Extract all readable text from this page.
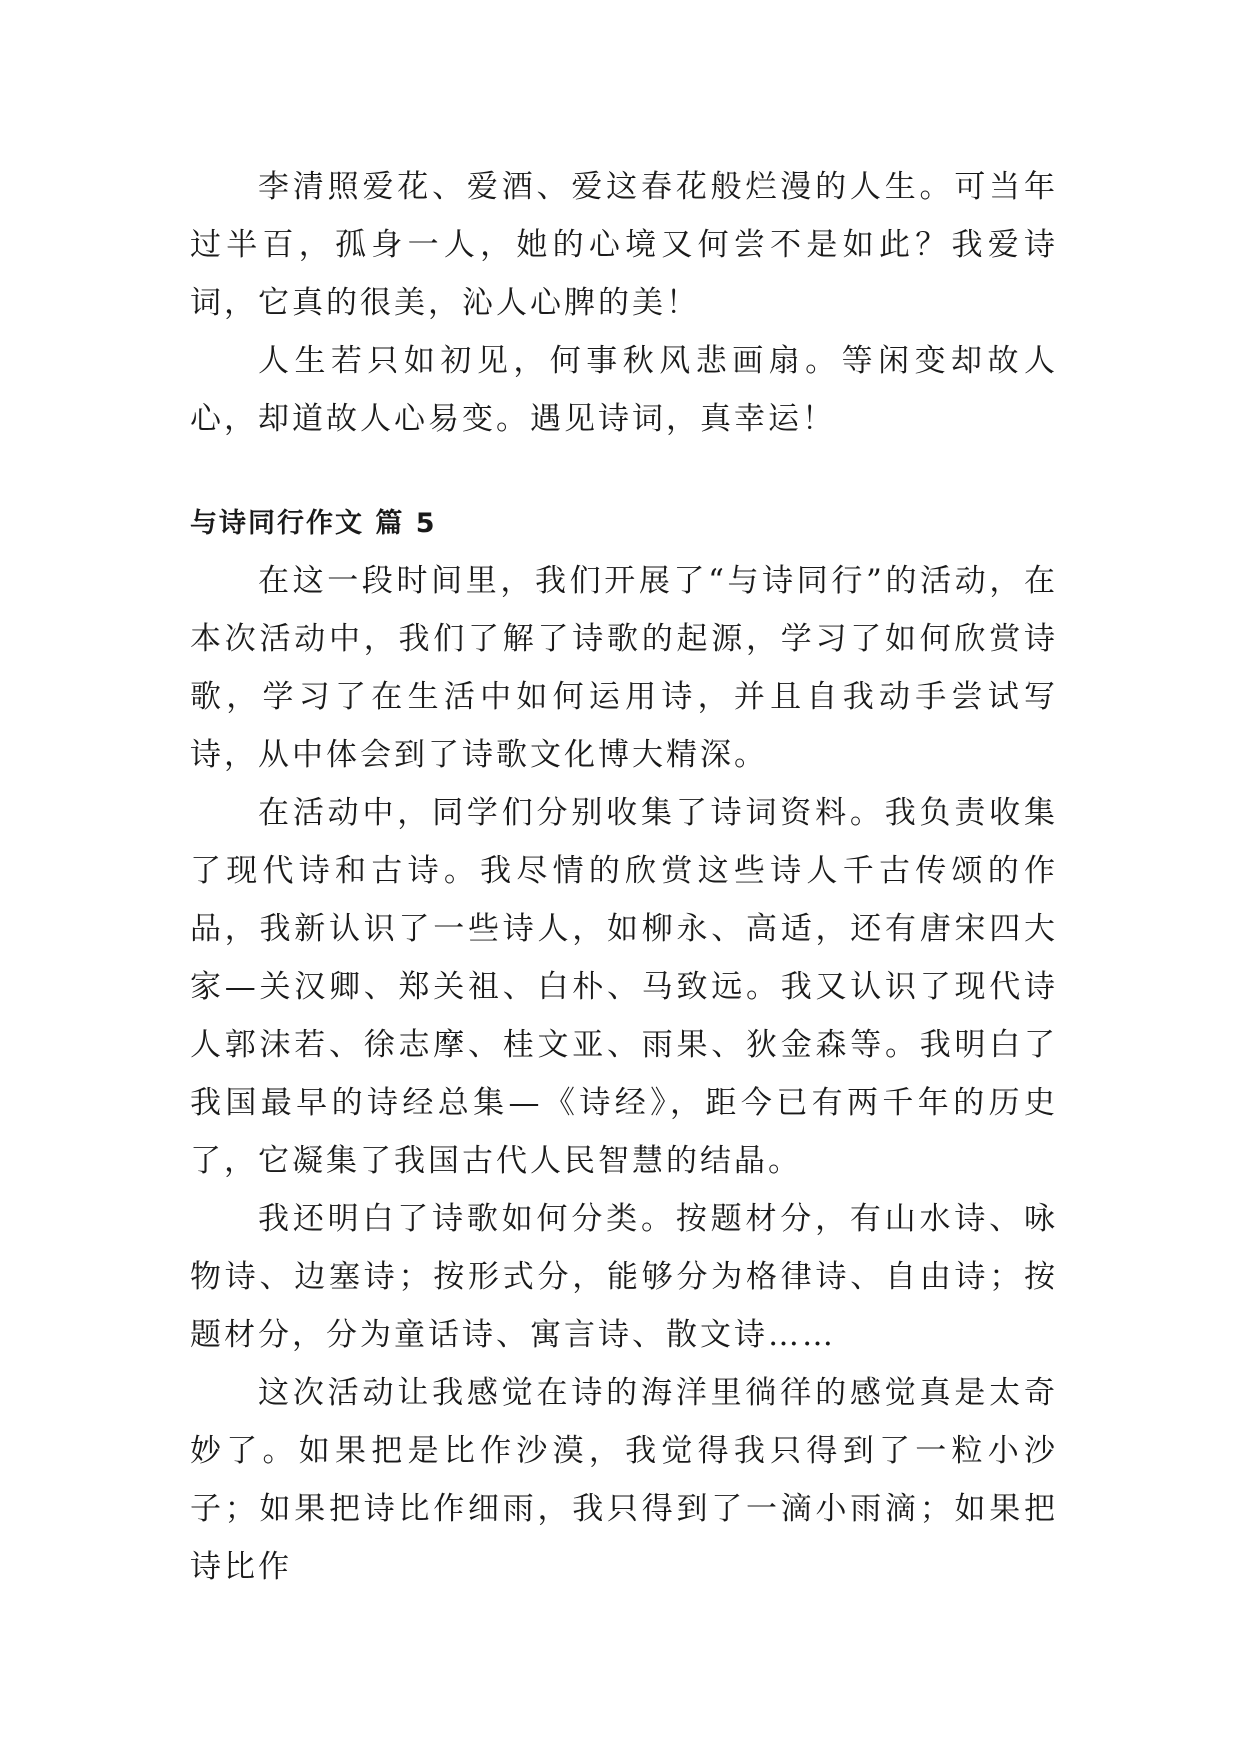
李清照爱花、爱酒、爱这春花般烂漫的人生。可当年过半百，孤身一人，她的心境又何尝不是如此？我爱诗词，它真的很美，沁人心脾的美！

人生若只如初见，何事秋风悲画扇。等闲变却故人心，却道故人心易变。遇见诗词，真幸运！

与诗同行作文 篇 5

在这一段时间里，我们开展了“与诗同行”的活动，在本次活动中，我们了解了诗歌的起源，学习了如何欣赏诗歌，学习了在生活中如何运用诗，并且自我动手尝试写诗，从中体会到了诗歌文化博大精深。

在活动中，同学们分别收集了诗词资料。我负责收集了现代诗和古诗。我尽情的欣赏这些诗人千古传颂的作品，我新认识了一些诗人，如柳永、高适，还有唐宋四大家—关汉卿、郑关祖、白朴、马致远。我又认识了现代诗人郭沫若、徐志摩、桂文亚、雨果、狄金森等。我明白了我国最早的诗经总集—《诗经》，距今已有两千年的历史了，它凝集了我国古代人民智慧的结晶。

我还明白了诗歌如何分类。按题材分，有山水诗、咏物诗、边塞诗；按形式分，能够分为格律诗、自由诗；按题材分，分为童话诗、寓言诗、散文诗……

这次活动让我感觉在诗的海洋里徜徉的感觉真是太奇妙了。如果把是比作沙漠，我觉得我只得到了一粒小沙子；如果把诗比作细雨，我只得到了一滴小雨滴；如果把诗比作
